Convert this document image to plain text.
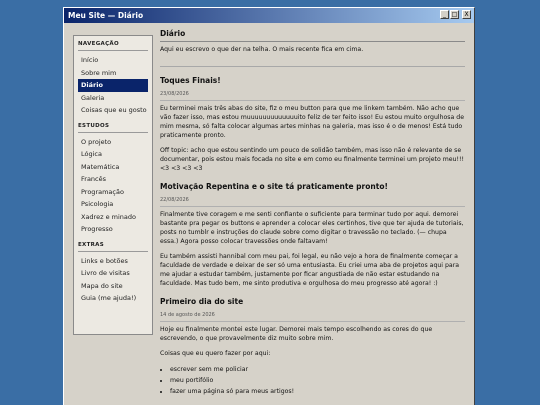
Meu Site — Diário	_ □	X
NAVEGAÇÃO
Início
Sobre mim
Diário
Galeria
Coisas que eu gosto
ESTUDOS
O projeto
Lógica
Matemática
Francês
Programação
Psicologia
Xadrez e minado
Progresso
EXTRAS
Links e botões
Livro de visitas
Mapa do site
Guia (me ajuda!)
Diário
Aqui eu escrevo o que der na telha. O mais recente fica em cima.
Toques Finais!
23/08/2026

Eu terminei mais três abas do site, fiz o meu button para que me linkem também. Não acho que vão fazer isso, mas estou muuuuuuuuuuuuuito feliz de ter feito isso! Eu estou muito orgulhosa de mim mesma, só falta colocar algumas artes minhas na galeria, mas isso é o de menos! Está tudo praticamente pronto.

Off topic: acho que estou sentindo um pouco de solidão também, mas isso não é relevante de se documentar, pois estou mais focada no site e em como eu finalmente terminei um projeto meu!!! <3 <3 <3 <3

Motivação Repentina e o site tá praticamente pronto!
22/08/2026

Finalmente tive coragem e me senti confiante o suficiente para terminar tudo por aqui. demorei bastante pra pegar os buttons e aprender a colocar eles certinhos, tive que ter ajuda de tutoriais, posts no tumblr e instruções do claude sobre como digitar o travessão no teclado. (— chupa essa.) Agora posso colocar travessões onde faltavam!

Eu também assisti hannibal com meu pai, foi legal, eu não vejo a hora de finalmente começar a faculdade de verdade e deixar de ser só uma entusiasta. Eu criei uma aba de projetos aqui para me ajudar a estudar também, justamente por ficar angustiada de não estar estudando na faculdade. Mas tudo bem, me sinto produtiva e orgulhosa do meu progresso até agora! :)

Primeiro dia do site
14 de agosto de 2026

Hoje eu finalmente montei este lugar. Demorei mais tempo escolhendo as cores do que escrevendo, o que provavelmente diz muito sobre mim.

Coisas que eu quero fazer por aqui:

• escrever sem me policiar
• meu portifólio
• fazer uma página só para meus artigos!
